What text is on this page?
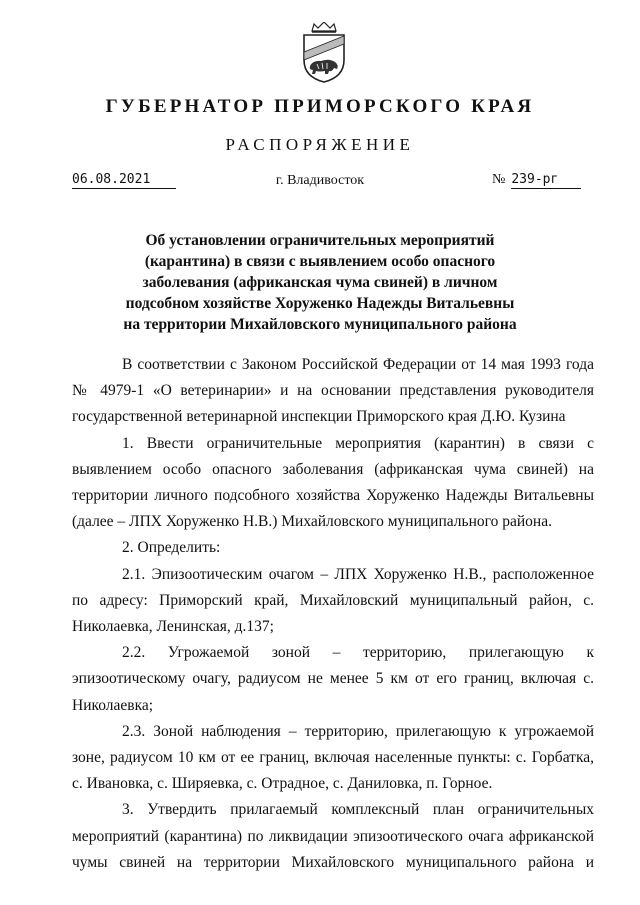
ГУБЕРНАТОР ПРИМОРСКОГО КРАЯ
РАСПОРЯЖЕНИЕ
06.08.2021	г. Владивосток	№ 239-рг
Об установлении ограничительных мероприятий
(карантина) в связи с выявлением особо опасного
заболевания (африканская чума свиней) в личном
подсобном хозяйстве Хоруженко Надежды Витальевны
на территории Михайловского муниципального района

В соответствии с Законом Российской Федерации от 14 мая 1993 года № 4979-1 «О ветеринарии» и на основании представления руководителя государственной ветеринарной инспекции Приморского края Д.Ю. Кузина

1. Ввести ограничительные мероприятия (карантин) в связи с выявлением особо опасного заболевания (африканская чума свиней) на территории личного подсобного хозяйства Хоруженко Надежды Витальевны (далее – ЛПХ Хоруженко Н.В.) Михайловского муниципального района.

2. Определить:

2.1. Эпизоотическим очагом – ЛПХ Хоруженко Н.В., расположенное по адресу: Приморский край, Михайловский муниципальный район, с. Николаевка, Ленинская, д.137;

2.2. Угрожаемой зоной – территорию, прилегающую к эпизоотическому очагу, радиусом не менее 5 км от его границ, включая с. Николаевка;

2.3. Зоной наблюдения – территорию, прилегающую к угрожаемой зоне, радиусом 10 км от ее границ, включая населенные пункты: с. Горбатка, с. Ивановка, с. Ширяевка, с. Отрадное, с. Даниловка, п. Горное.

3. Утвердить прилагаемый комплексный план ограничительных мероприятий (карантина) по ликвидации эпизоотического очага африканской чумы свиней на территории Михайловского муниципального района и
